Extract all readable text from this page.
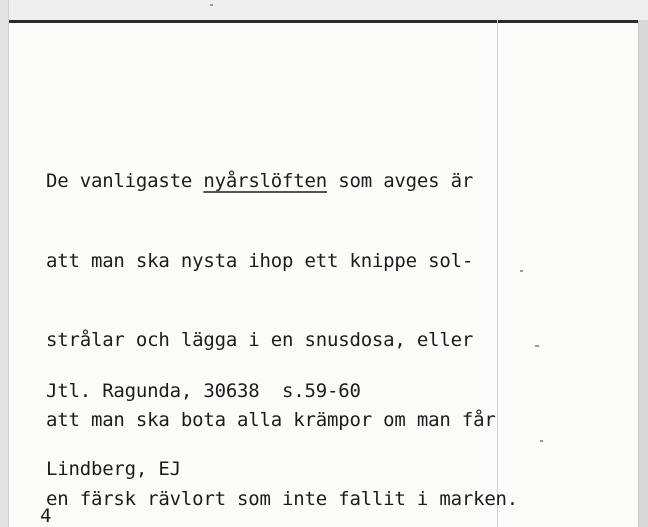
De vanligaste nyårslöften som avges är

att man ska nysta ihop ett knippe sol-

strålar och lägga i en snusdosa, eller

att man ska bota alla krämpor om man får

en färsk rävlort som inte fallit i marken.

Jtl. Ragunda, 30638  s.59-60

Lindberg, EJ

4
